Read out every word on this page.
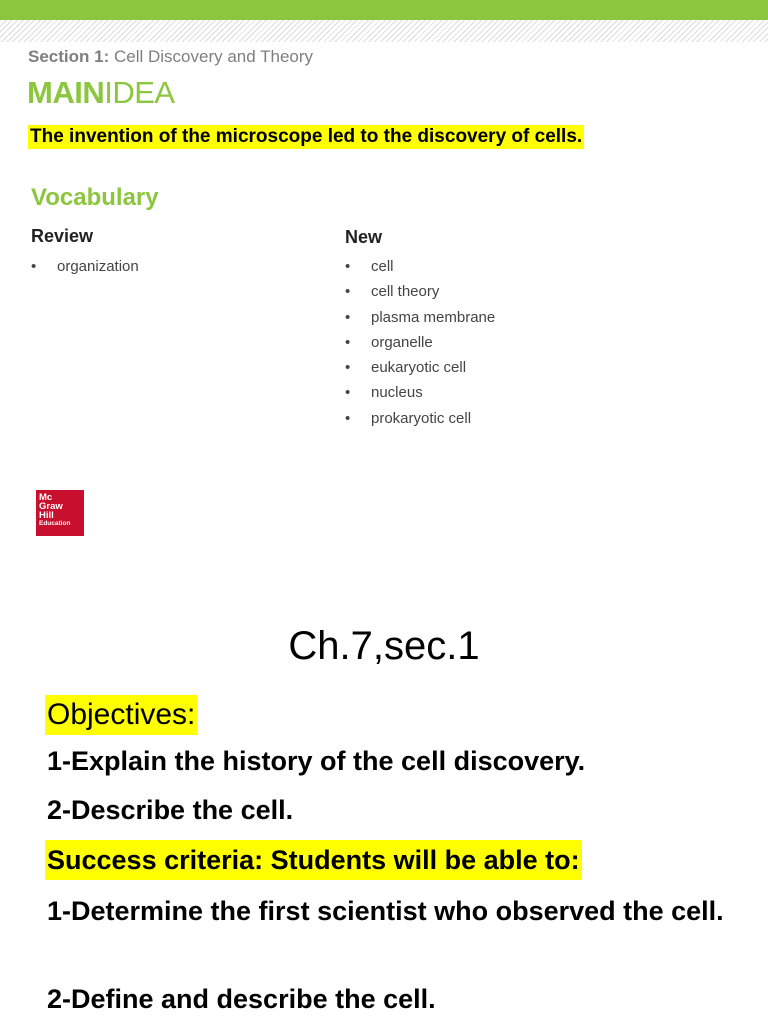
Section 1: Cell Discovery and Theory
MAINIDEA
The invention of the microscope led to the discovery of cells.
Vocabulary
Review
• organization
New
• cell
• cell theory
• plasma membrane
• organelle
• eukaryotic cell
• nucleus
• prokaryotic cell
Mc
Graw
Hill
Education
Ch.7,sec.1
Objectives:
1-Explain the history of the cell discovery.
2-Describe the cell.
Success criteria: Students will be able to:
1-Determine the first scientist who observed the cell.
2-Define and describe the cell.
